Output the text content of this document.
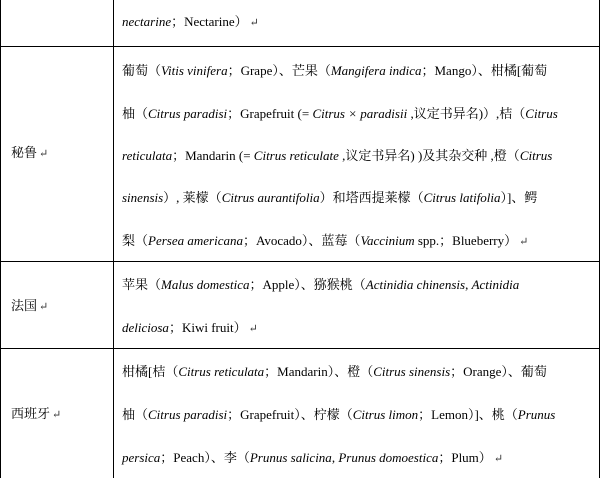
nectarine；Nectarine） ↵
秘鲁 ↵
葡萄（Vitis vinifera；Grape）、芒果（Mangifera indica；Mango）、柑橘[葡萄
柚（Citrus paradisi；Grapefruit (= Citrus × paradisii ,议定书异名)）,桔（Citrus
reticulata；Mandarin (= Citrus reticulate ,议定书异名) )及其杂交种 ,橙（Citrus
sinensis）, 莱檬（Citrus aurantifolia）和塔西提莱檬（Citrus latifolia）]、鳄
梨（Persea americana；Avocado）、蓝莓（Vaccinium spp.；Blueberry） ↵
法国 ↵
苹果（Malus domestica；Apple）、猕猴桃（Actinidia chinensis, Actinidia
deliciosa；Kiwi fruit） ↵
西班牙 ↵
柑橘[桔（Citrus reticulata；Mandarin）、橙（Citrus sinensis；Orange）、葡萄
柚（Citrus paradisi；Grapefruit）、柠檬（Citrus limon；Lemon）]、桃（Prunus
persica；Peach）、李（Prunus salicina, Prunus domoestica；Plum） ↵
